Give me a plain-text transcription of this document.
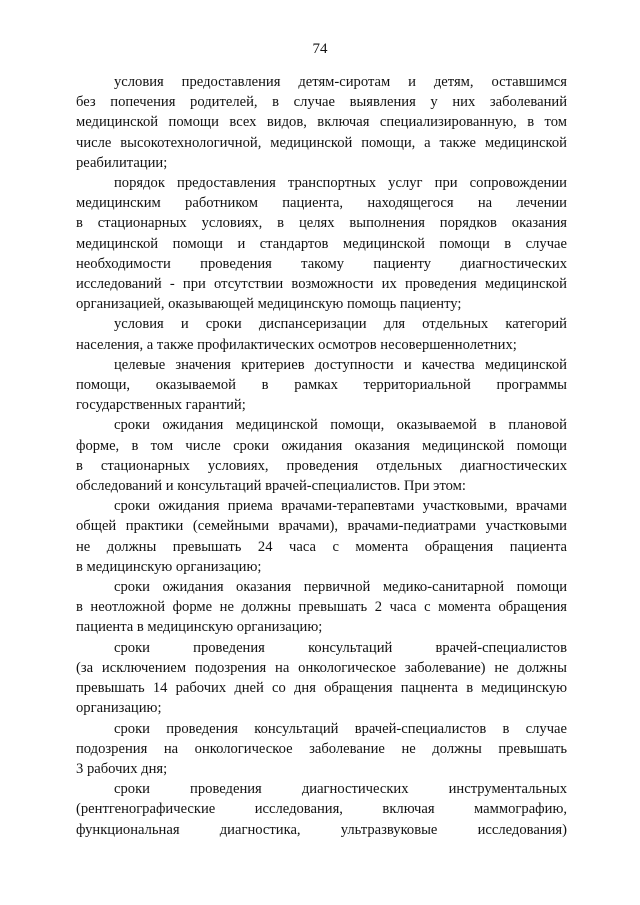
74
условия предоставления детям-сиротам и детям, оставшимся
без попечения родителей, в случае выявления у них заболеваний
медицинской помощи всех видов, включая специализированную, в том
числе высокотехнологичной, медицинской помощи, а также медицинской
реабилитации;
порядок предоставления транспортных услуг при сопровождении
медицинским работником пациента, находящегося на лечении
в стационарных условиях, в целях выполнения порядков оказания
медицинской помощи и стандартов медицинской помощи в случае
необходимости проведения такому пациенту диагностических
исследований - при отсутствии возможности их проведения медицинской
организацией, оказывающей медицинскую помощь пациенту;
условия и сроки диспансеризации для отдельных категорий
населения, а также профилактических осмотров несовершеннолетних;
целевые значения критериев доступности и качества медицинской
помощи, оказываемой в рамках территориальной программы
государственных гарантий;
сроки ожидания медицинской помощи, оказываемой в плановой
форме, в том числе сроки ожидания оказания медицинской помощи
в стационарных условиях, проведения отдельных диагностических
обследований и консультаций врачей-специалистов. При этом:
сроки ожидания приема врачами-терапевтами участковыми, врачами
общей практики (семейными врачами), врачами-педиатрами участковыми
не должны превышать 24 часа с момента обращения пациента
в медицинскую организацию;
сроки ожидания оказания первичной медико-санитарной помощи
в неотложной форме не должны превышать 2 часа с момента обращения
пациента в медицинскую организацию;
сроки проведения консультаций врачей-специалистов
(за исключением подозрения на онкологическое заболевание) не должны
превышать 14 рабочих дней со дня обращения пацнента в медицинскую
организацию;
сроки проведения консультаций врачей-специалистов в случае
подозрения на онкологическое заболевание не должны превышать
3 рабочих дня;
сроки проведения диагностических инструментальных
(рентгенографические исследования, включая маммографию,
функциональная диагностика, ультразвуковые исследования)
